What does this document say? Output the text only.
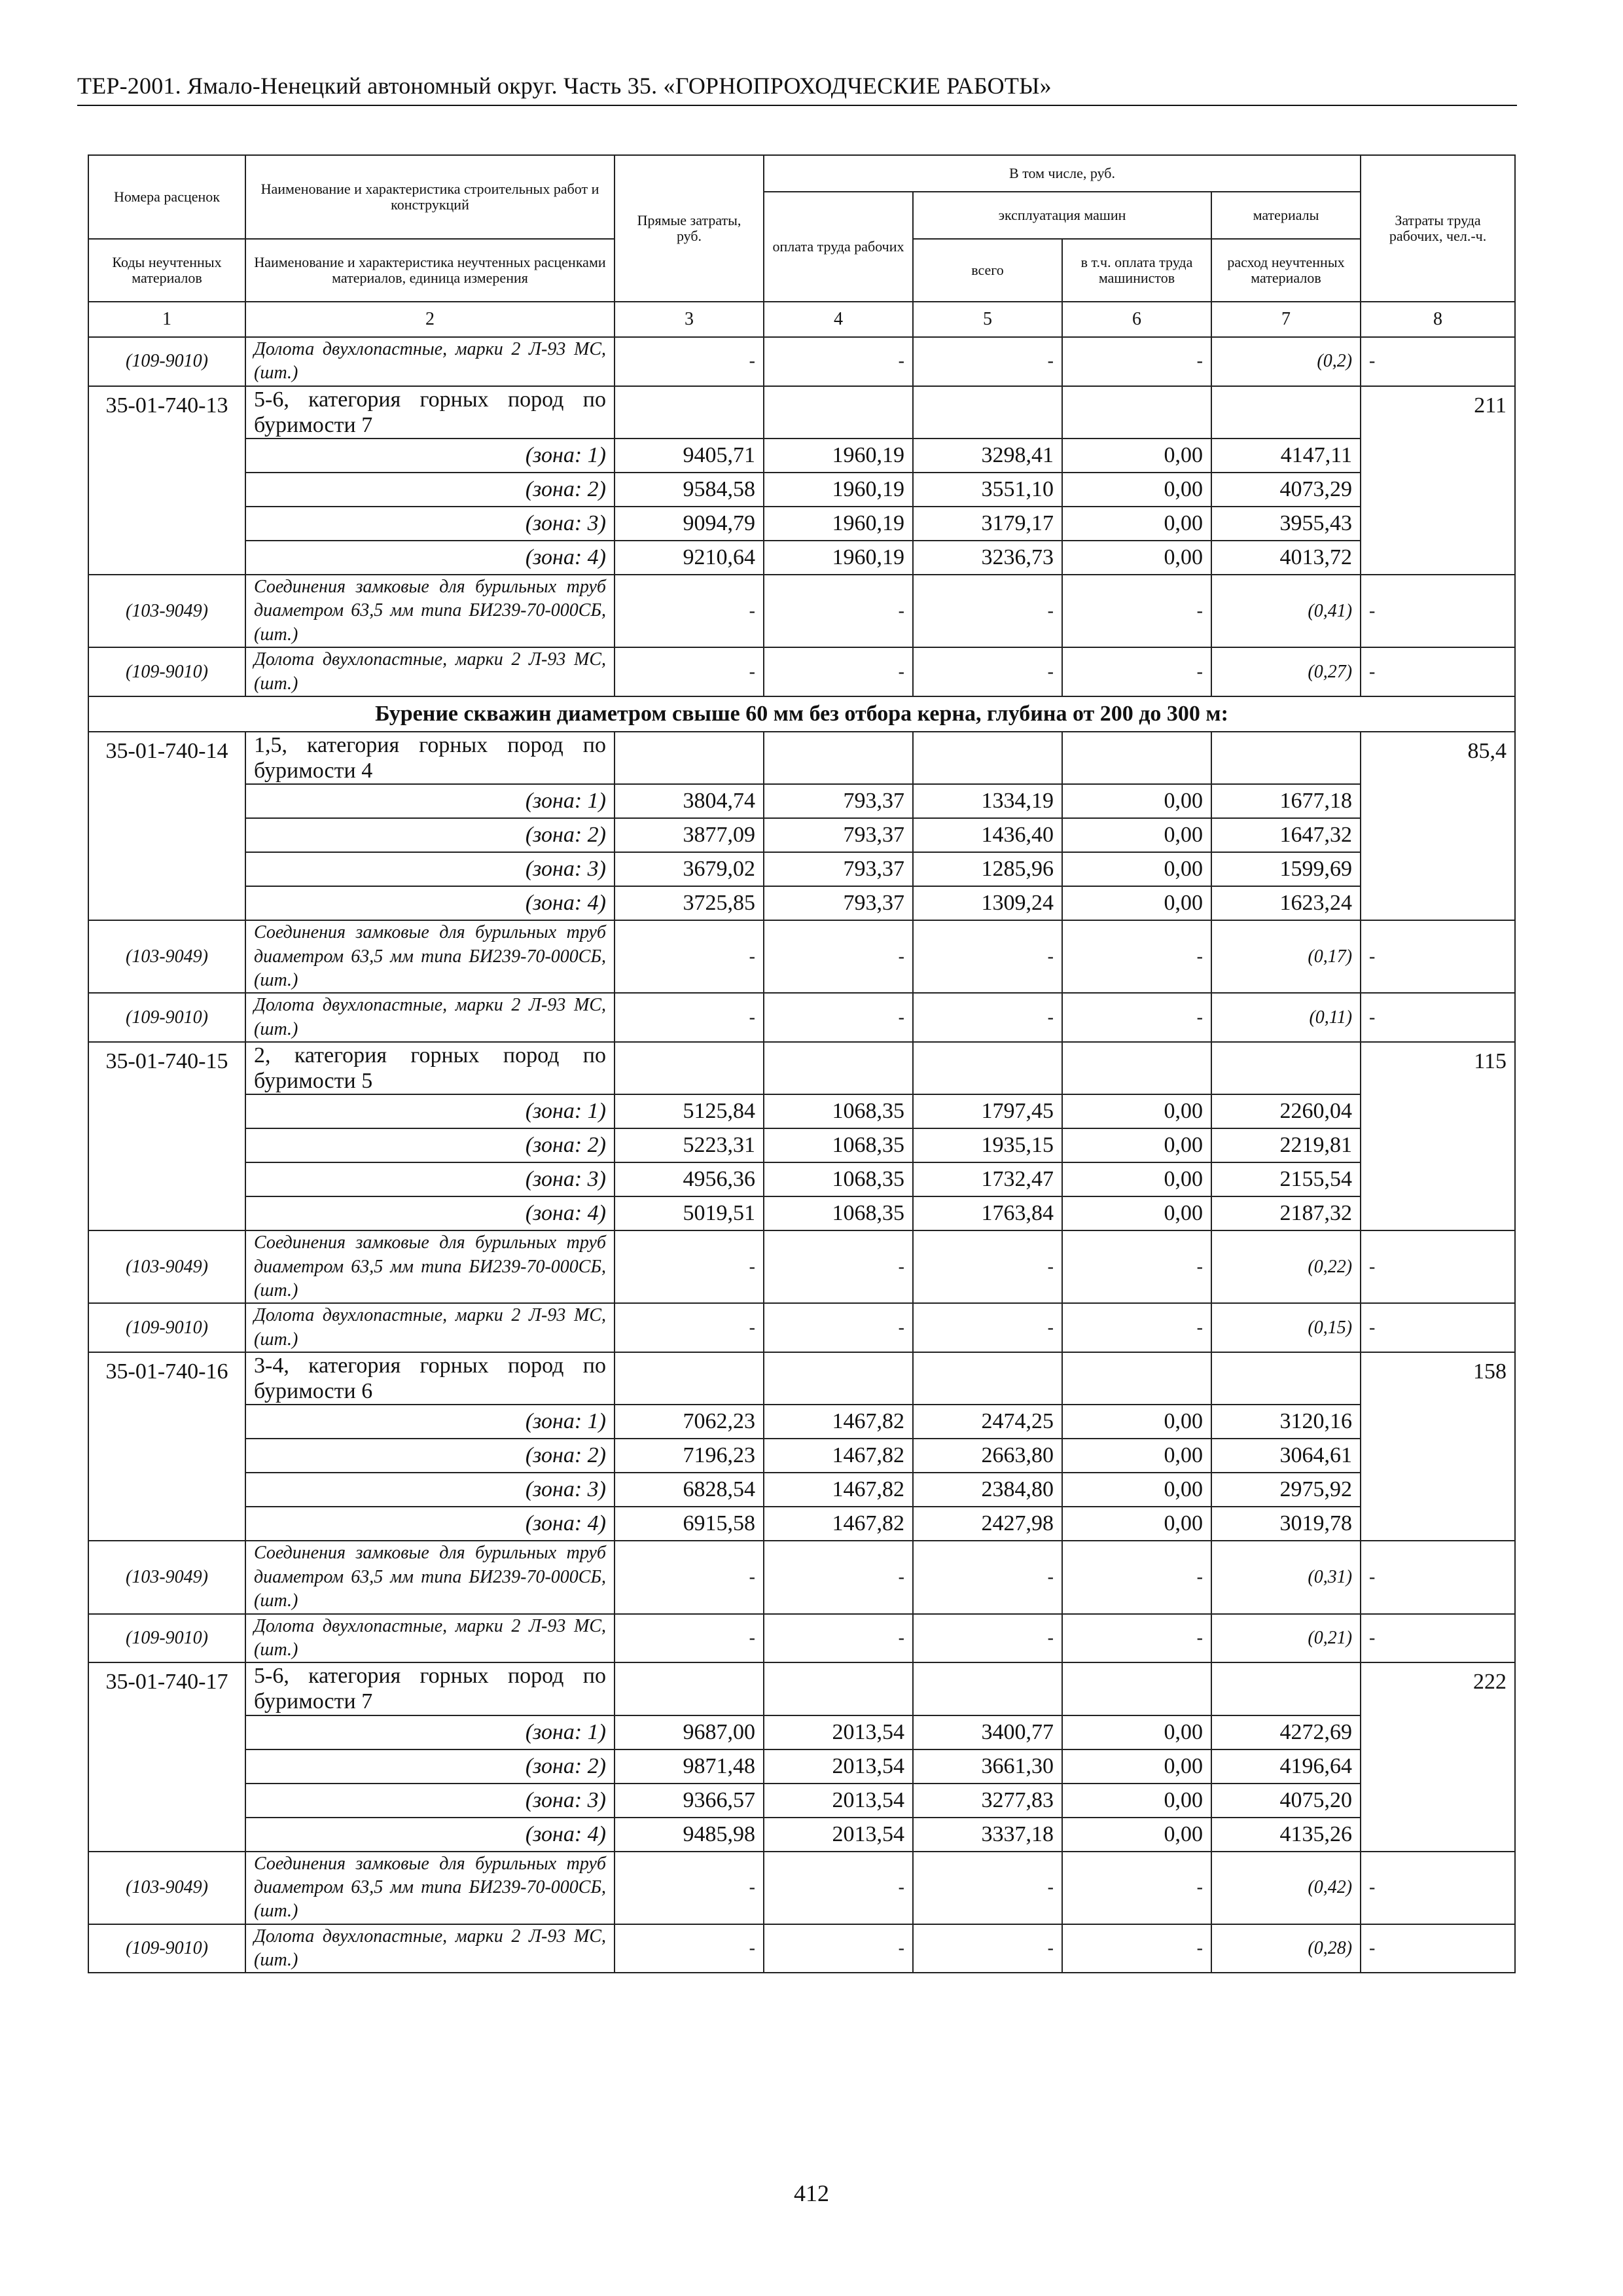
ТЕР-2001. Ямало-Ненецкий автономный округ. Часть 35. «ГОРНОПРОХОДЧЕСКИЕ РАБОТЫ»
Номера расценок	Наименование и характеристика строительных работ и конструкций	Прямые затраты, руб.	В том числе, руб.				Затраты труда рабочих, чел.-ч.
			оплата труда рабочих	эксплуатация машин		материалы	
Коды неучтенных материалов	Наименование и характеристика неучтенных расценками материалов, единица измерения			всего	в т.ч. оплата труда машинистов	расход неучтенных материалов	
1	2	3	4	5	6	7	8
(109-9010)	Долота двухлопастные, марки 2 Л-93 МС, (шт.)	-	-	-	-	(0,2)	-
35-01-740-13	5-6, категория горных пород по буримости 7						211
	(зона: 1)	9405,71	1960,19	3298,41	0,00	4147,11	
	(зона: 2)	9584,58	1960,19	3551,10	0,00	4073,29	
	(зона: 3)	9094,79	1960,19	3179,17	0,00	3955,43	
	(зона: 4)	9210,64	1960,19	3236,73	0,00	4013,72	
(103-9049)	Соединения замковые для бурильных труб диаметром 63,5 мм типа БИ239-70-000СБ, (шт.)	-	-	-	-	(0,41)	-
(109-9010)	Долота двухлопастные, марки 2 Л-93 МС, (шт.)	-	-	-	-	(0,27)	-
Бурение скважин диаметром свыше 60 мм без отбора керна, глубина от 200 до 300 м:							
35-01-740-14	1,5, категория горных пород по буримости 4						85,4
	(зона: 1)	3804,74	793,37	1334,19	0,00	1677,18	
	(зона: 2)	3877,09	793,37	1436,40	0,00	1647,32	
	(зона: 3)	3679,02	793,37	1285,96	0,00	1599,69	
	(зона: 4)	3725,85	793,37	1309,24	0,00	1623,24	
(103-9049)	Соединения замковые для бурильных труб диаметром 63,5 мм типа БИ239-70-000СБ, (шт.)	-	-	-	-	(0,17)	-
(109-9010)	Долота двухлопастные, марки 2 Л-93 МС, (шт.)	-	-	-	-	(0,11)	-
35-01-740-15	2, категория горных пород по буримости 5						115
	(зона: 1)	5125,84	1068,35	1797,45	0,00	2260,04	
	(зона: 2)	5223,31	1068,35	1935,15	0,00	2219,81	
	(зона: 3)	4956,36	1068,35	1732,47	0,00	2155,54	
	(зона: 4)	5019,51	1068,35	1763,84	0,00	2187,32	
(103-9049)	Соединения замковые для бурильных труб диаметром 63,5 мм типа БИ239-70-000СБ, (шт.)	-	-	-	-	(0,22)	-
(109-9010)	Долота двухлопастные, марки 2 Л-93 МС, (шт.)	-	-	-	-	(0,15)	-
35-01-740-16	3-4, категория горных пород по буримости 6						158
	(зона: 1)	7062,23	1467,82	2474,25	0,00	3120,16	
	(зона: 2)	7196,23	1467,82	2663,80	0,00	3064,61	
	(зона: 3)	6828,54	1467,82	2384,80	0,00	2975,92	
	(зона: 4)	6915,58	1467,82	2427,98	0,00	3019,78	
(103-9049)	Соединения замковые для бурильных труб диаметром 63,5 мм типа БИ239-70-000СБ, (шт.)	-	-	-	-	(0,31)	-
(109-9010)	Долота двухлопастные, марки 2 Л-93 МС, (шт.)	-	-	-	-	(0,21)	-
35-01-740-17	5-6, категория горных пород по буримости 7						222
	(зона: 1)	9687,00	2013,54	3400,77	0,00	4272,69	
	(зона: 2)	9871,48	2013,54	3661,30	0,00	4196,64	
	(зона: 3)	9366,57	2013,54	3277,83	0,00	4075,20	
	(зона: 4)	9485,98	2013,54	3337,18	0,00	4135,26	
(103-9049)	Соединения замковые для бурильных труб диаметром 63,5 мм типа БИ239-70-000СБ, (шт.)	-	-	-	-	(0,42)	-
(109-9010)	Долота двухлопастные, марки 2 Л-93 МС, (шт.)	-	-	-	-	(0,28)	-
412
